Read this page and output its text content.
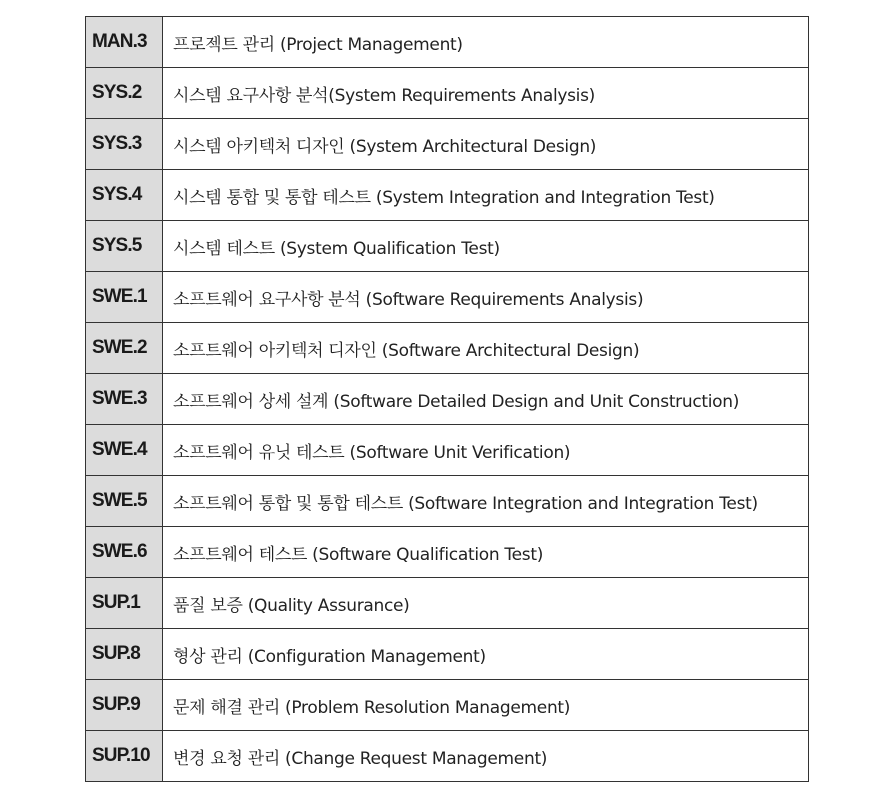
MAN.3	프로젝트 관리 (Project Management)
SYS.2	시스템 요구사항 분석(System Requirements Analysis)
SYS.3	시스템 아키텍처 디자인 (System Architectural Design)
SYS.4	시스템 통합 및 통합 테스트 (System Integration and Integration Test)
SYS.5	시스템 테스트 (System Qualification Test)
SWE.1	소프트웨어 요구사항 분석 (Software Requirements Analysis)
SWE.2	소프트웨어 아키텍처 디자인 (Software Architectural Design)
SWE.3	소프트웨어 상세 설계 (Software Detailed Design and Unit Construction)
SWE.4	소프트웨어 유닛 테스트 (Software Unit Verification)
SWE.5	소프트웨어 통합 및 통합 테스트 (Software Integration and Integration Test)
SWE.6	소프트웨어 테스트 (Software Qualification Test)
SUP.1	품질 보증 (Quality Assurance)
SUP.8	형상 관리 (Configuration Management)
SUP.9	문제 해결 관리 (Problem Resolution Management)
SUP.10	변경 요청 관리 (Change Request Management)
